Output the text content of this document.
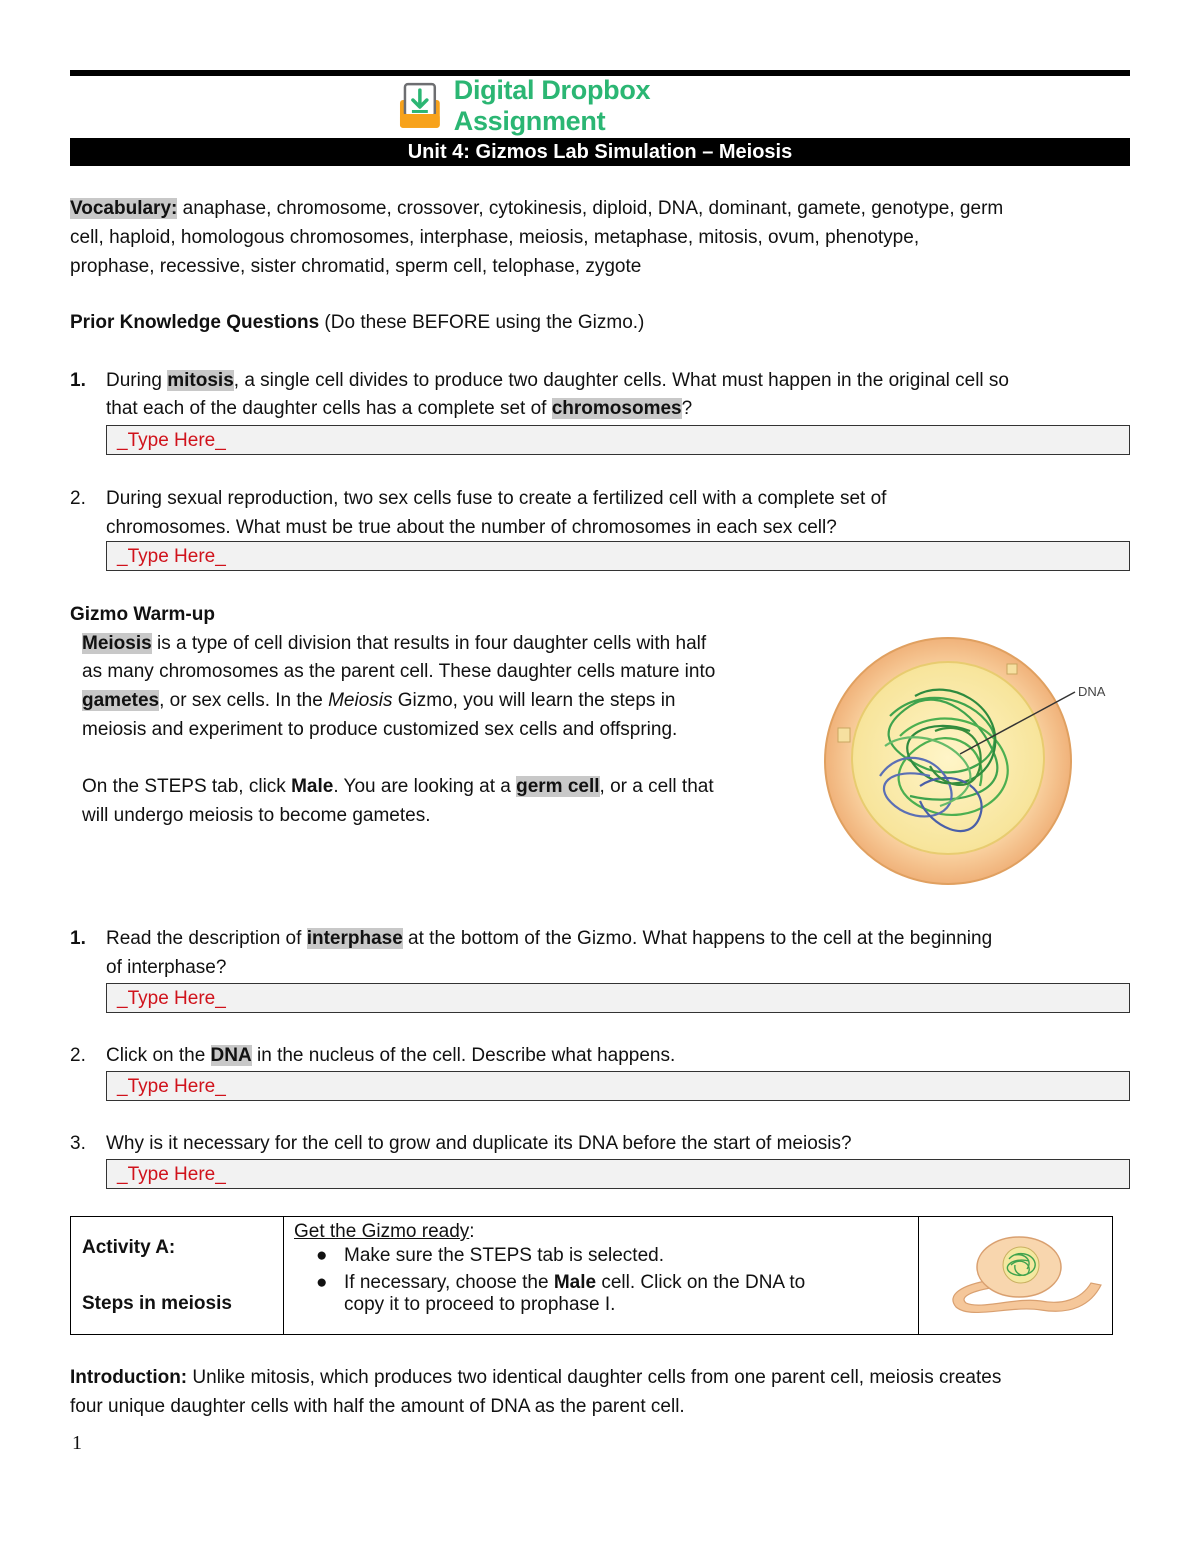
Digital Dropbox Assignment
Unit 4: Gizmos Lab Simulation – Meiosis
Vocabulary: anaphase, chromosome, crossover, cytokinesis, diploid, DNA, dominant, gamete, genotype, germ
cell, haploid, homologous chromosomes, interphase, meiosis, metaphase, mitosis, ovum, phenotype,
prophase, recessive, sister chromatid, sperm cell, telophase, zygote
Prior Knowledge Questions (Do these BEFORE using the Gizmo.)
1. During mitosis, a single cell divides to produce two daughter cells. What must happen in the original cell so
that each of the daughter cells has a complete set of chromosomes?
_Type Here_
2. During sexual reproduction, two sex cells fuse to create a fertilized cell with a complete set of
chromosomes. What must be true about the number of chromosomes in each sex cell?
_Type Here_
Gizmo Warm-up
Meiosis is a type of cell division that results in four daughter cells with half
as many chromosomes as the parent cell. These daughter cells mature into
gametes, or sex cells. In the Meiosis Gizmo, you will learn the steps in
meiosis and experiment to produce customized sex cells and offspring.
On the STEPS tab, click Male. You are looking at a germ cell, or a cell that
will undergo meiosis to become gametes.
DNA
1. Read the description of interphase at the bottom of the Gizmo. What happens to the cell at the beginning
of interphase?
_Type Here_
2. Click on the DNA in the nucleus of the cell. Describe what happens.
_Type Here_
3. Why is it necessary for the cell to grow and duplicate its DNA before the start of meiosis?
_Type Here_
Activity A:
Steps in meiosis

Get the Gizmo ready:
● Make sure the STEPS tab is selected.
● If necessary, choose the Male cell. Click on the DNA to
copy it to proceed to prophase I.

Introduction: Unlike mitosis, which produces two identical daughter cells from one parent cell, meiosis creates
four unique daughter cells with half the amount of DNA as the parent cell.
1
